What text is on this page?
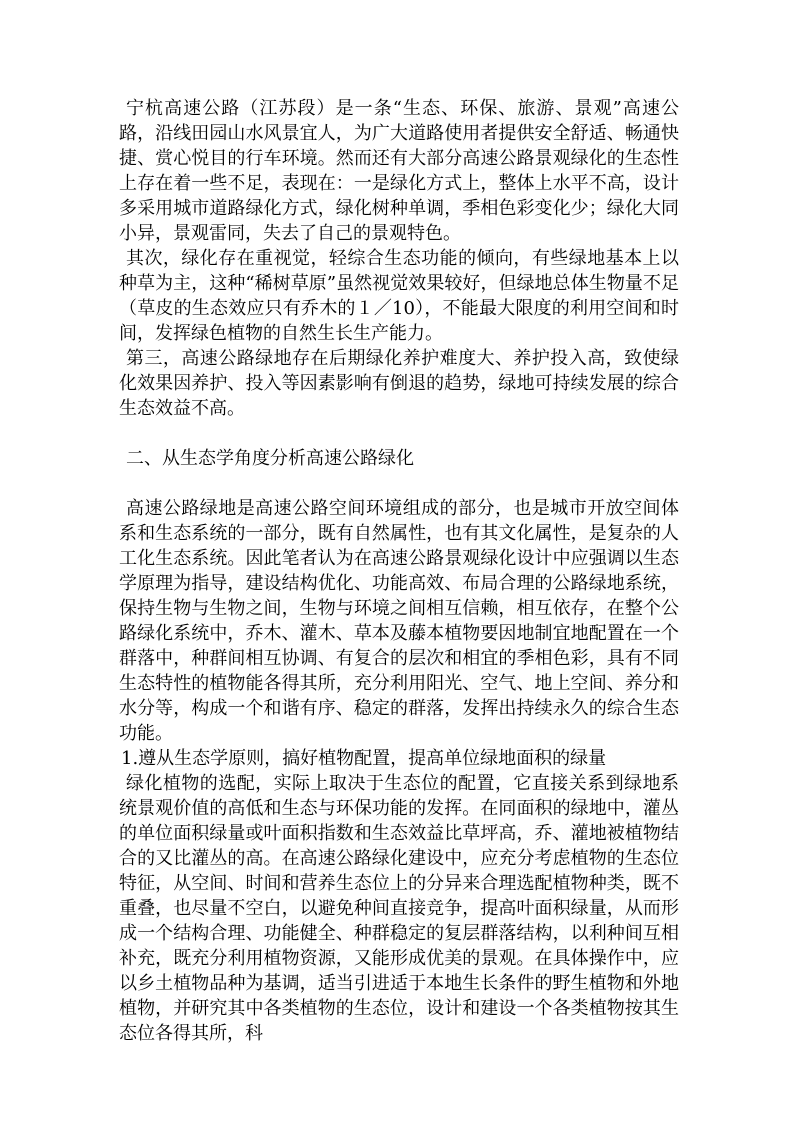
宁杭高速公路（江苏段）是一条“生态、环保、旅游、景观”高速公路，沿线田园山水风景宜人，为广大道路使用者提供安全舒适、畅通快捷、赏心悦目的行车环境。然而还有大部分高速公路景观绿化的生态性上存在着一些不足，表现在：一是绿化方式上，整体上水平不高，设计多采用城市道路绿化方式，绿化树种单调，季相色彩变化少；绿化大同小异，景观雷同，失去了自己的景观特色。

其次，绿化存在重视觉，轻综合生态功能的倾向，有些绿地基本上以种草为主，这种“稀树草原”虽然视觉效果较好，但绿地总体生物量不足（草皮的生态效应只有乔木的１／10），不能最大限度的利用空间和时间，发挥绿色植物的自然生长生产能力。

第三，高速公路绿地存在后期绿化养护难度大、养护投入高，致使绿化效果因养护、投入等因素影响有倒退的趋势，绿地可持续发展的综合生态效益不高。

二、从生态学角度分析高速公路绿化

高速公路绿地是高速公路空间环境组成的部分，也是城市开放空间体系和生态系统的一部分，既有自然属性，也有其文化属性，是复杂的人工化生态系统。因此笔者认为在高速公路景观绿化设计中应强调以生态学原理为指导，建设结构优化、功能高效、布局合理的公路绿地系统，保持生物与生物之间，生物与环境之间相互信赖，相互依存，在整个公路绿化系统中，乔木、灌木、草本及藤本植物要因地制宜地配置在一个群落中，种群间相互协调、有复合的层次和相宜的季相色彩，具有不同生态特性的植物能各得其所，充分利用阳光、空气、地上空间、养分和水分等，构成一个和谐有序、稳定的群落，发挥出持续永久的综合生态功能。

1.遵从生态学原则，搞好植物配置，提高单位绿地面积的绿量

绿化植物的选配，实际上取决于生态位的配置，它直接关系到绿地系统景观价值的高低和生态与环保功能的发挥。在同面积的绿地中，灌丛的单位面积绿量或叶面积指数和生态效益比草坪高，乔、灌地被植物结合的又比灌丛的高。在高速公路绿化建设中，应充分考虑植物的生态位特征，从空间、时间和营养生态位上的分异来合理选配植物种类，既不重叠，也尽量不空白，以避免种间直接竞争，提高叶面积绿量，从而形成一个结构合理、功能健全、种群稳定的复层群落结构，以利种间互相补充，既充分利用植物资源，又能形成优美的景观。在具体操作中，应以乡土植物品种为基调，适当引进适于本地生长条件的野生植物和外地植物，并研究其中各类植物的生态位，设计和建设一个各类植物按其生态位各得其所，科
